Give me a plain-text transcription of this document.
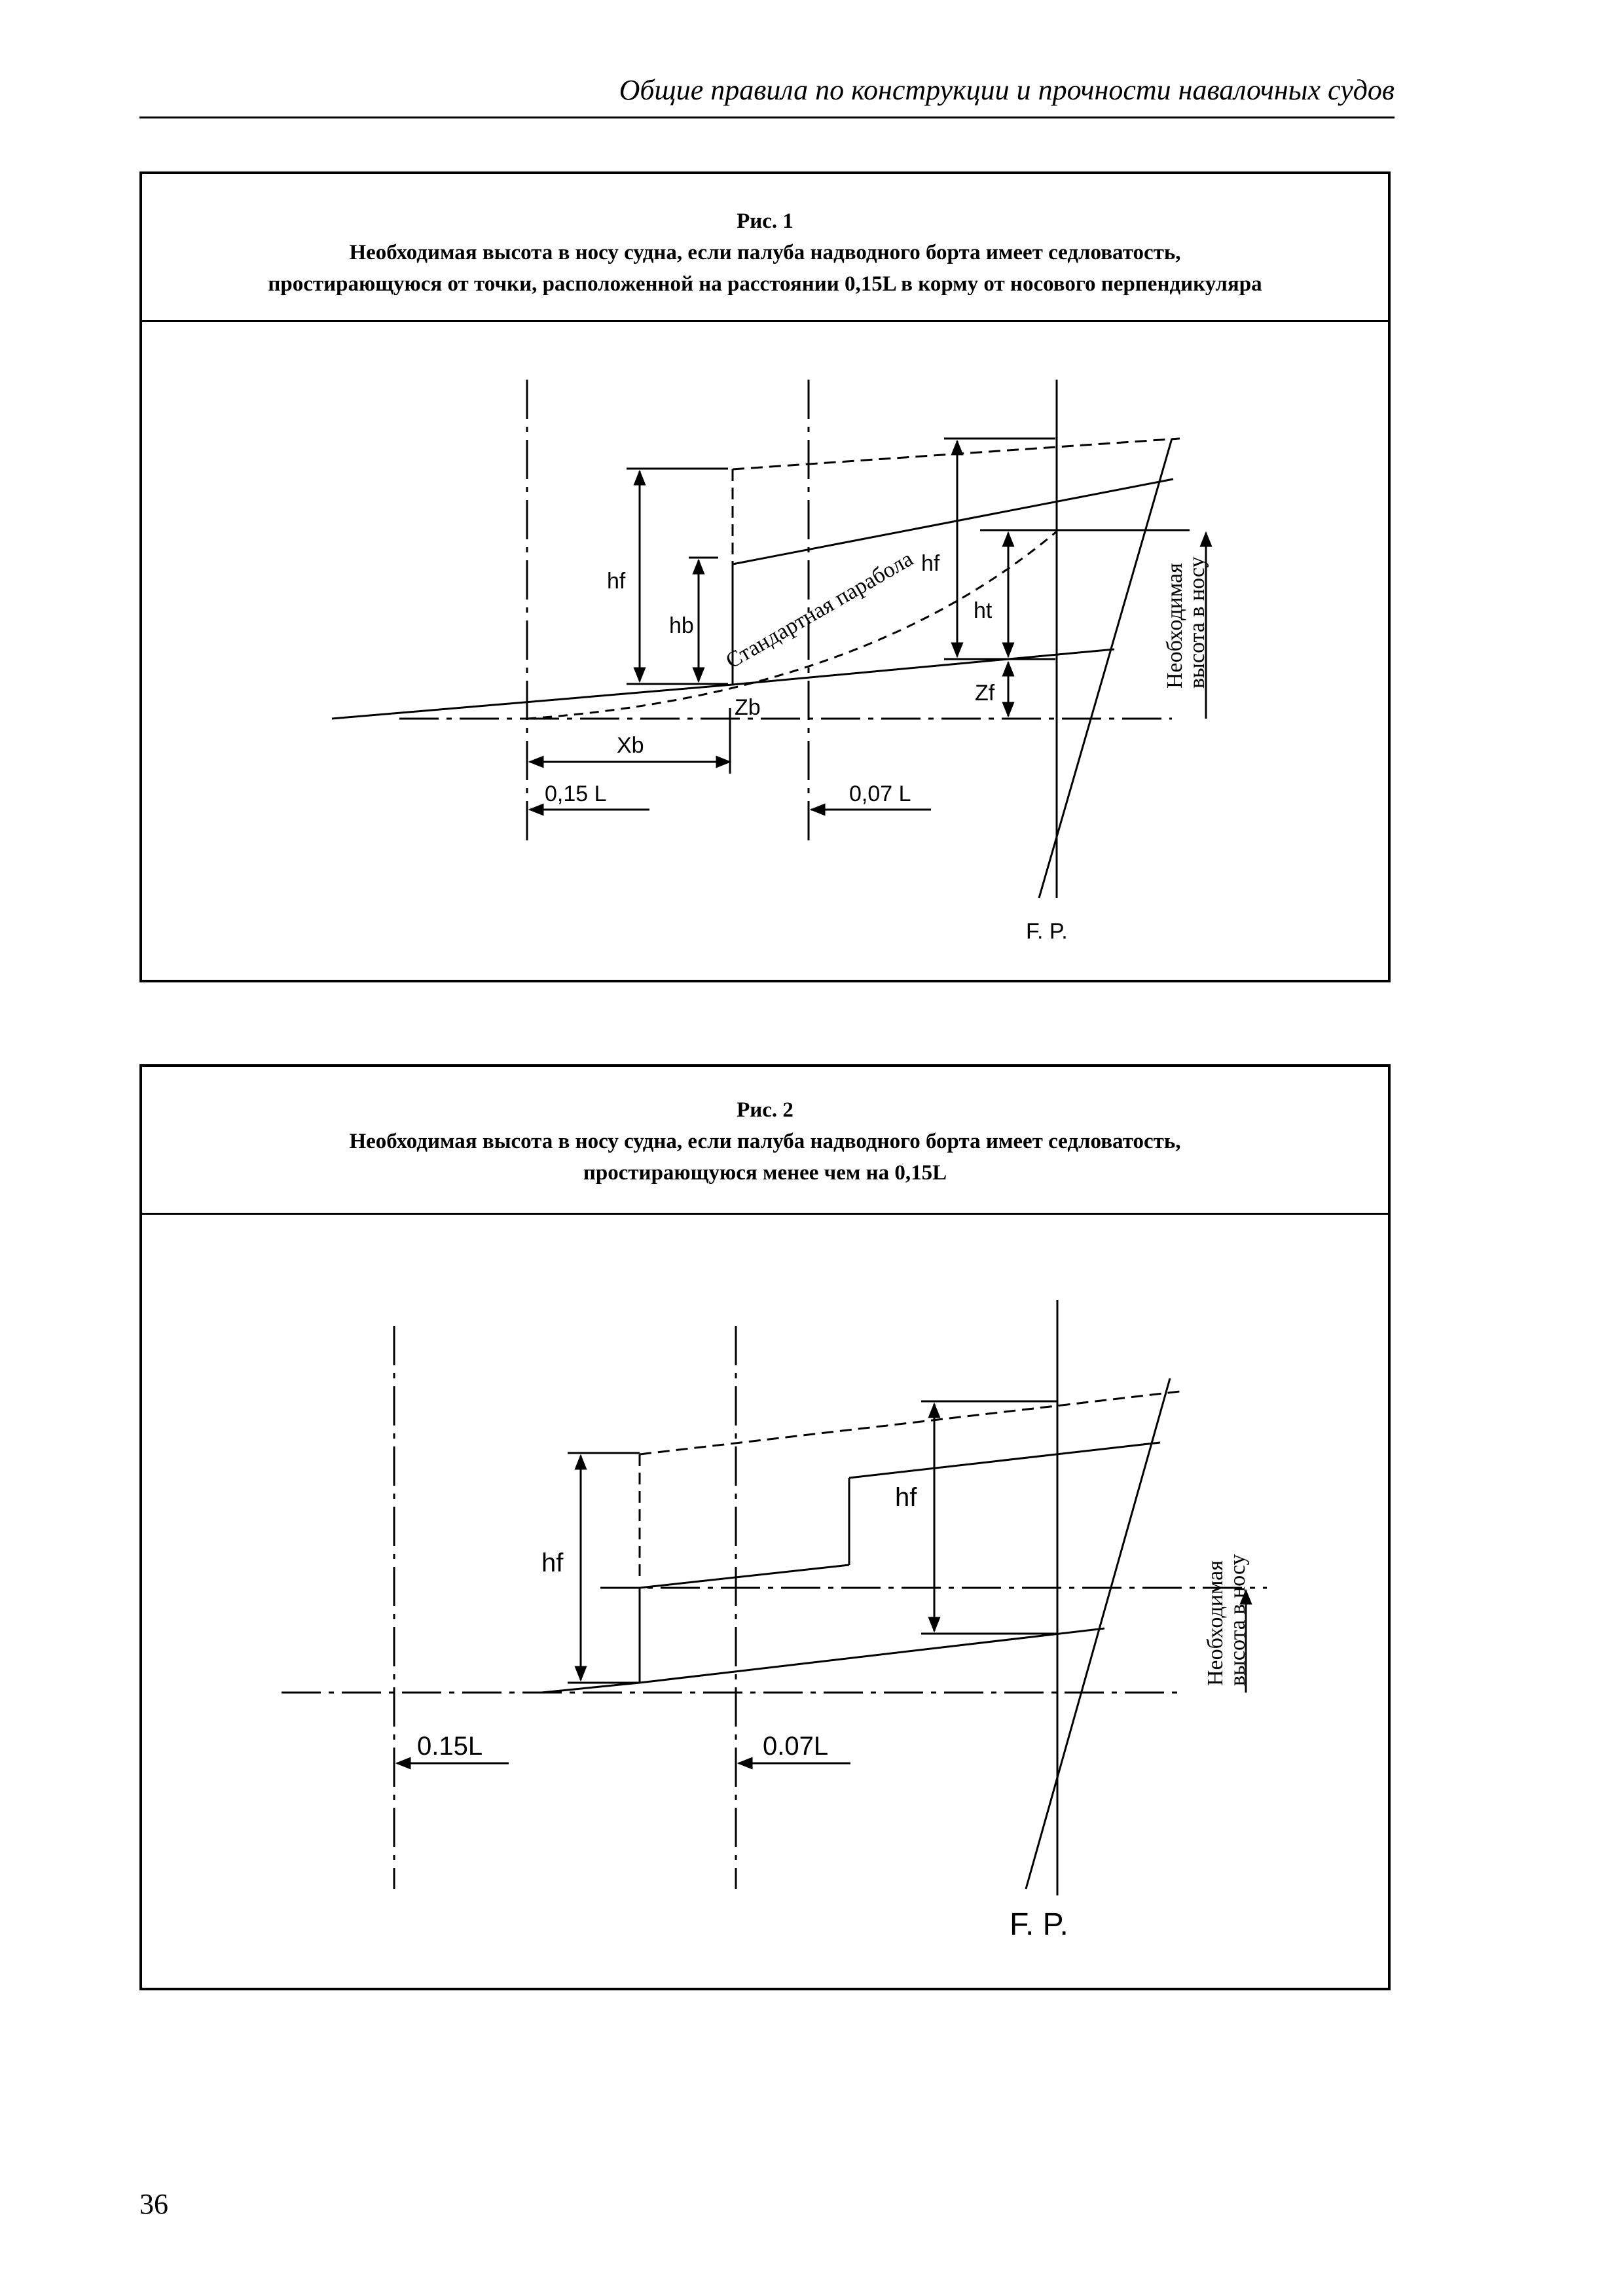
Общие правила по конструкции и прочности навалочных судов
Рис. 1
Необходимая высота в носу судна, если палуба надводного борта имеет седловатость,
простирающуюся от точки, расположенной на расстоянии 0,15L в корму от носового перпендикуляра
hf
hb
Zb
Xb
0,15 L	0,07 L
hf
ht
Zf
F. P.
Стандартная парабола	Необходимая
высота в носу
Рис. 2
Необходимая высота в носу судна, если палуба надводного борта имеет седловатость,
простирающуюся менее чем на 0,15L
hf
hf
0.15L	0.07L
F. P.
Необходимая
высота в носу
36
